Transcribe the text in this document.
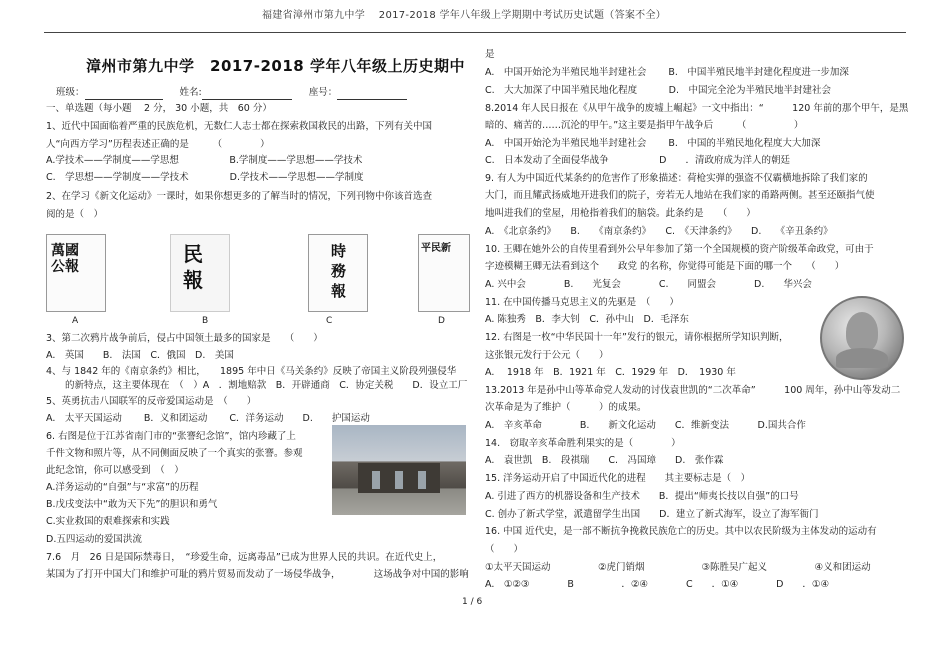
福建省漳州市第九中学　 2017-2018 学年八年级上学期期中考试历史试题（答案不全）
漳州市第九中学　2017-2018 学年八年级上历史期中
班级：	姓名:	座号：
一、单选题（每小题　 2 分， 30 小题，共　60 分）
1、近代中国面临着严重的民族危机，无数仁人志士都在探索救国救民的出路，下列有关中国
人“向西方学习”历程表述正确的是　　　（　　　　）
A.学技术——学制度——学思想　　　　　 B.学制度——学思想——学技术
C.　学思想——学制度——学技术　　　　 D.学技术——学思想——学制度
2、在学习《新文化运动》一课时，如果你想更多的了解当时的情况，下列刊物中你该首选查
阅的是（　）
萬國公報
民報
時務報
平民新
A	B	C	D
3、第二次鸦片战争前后，侵占中国领土最多的国家是　　（　　）
A.　英国　　B.　法国　C．俄国　D.　美国
4、与 1842 年的《南京条约》相比，　　1895 年中日《马关条约》反映了帝国主义阶段列强侵华
　　的新特点，这主要体现在　（　）A　．割地赔款　B．开辟通商　C．协定关税　　D．设立工厂
5、英勇抗击八国联军的反帝爱国运动是　（　　）
A.　太平天国运动　　 B．义和团运动　　 C．洋务运动　　D.　　护国运动
6. 右图是位于江苏省南门市的“张謇纪念馆”，馆内珍藏了上
千件文物和照片等，从不同侧面反映了一个真实的张謇。参观
此纪念馆，你可以感受到　（　）
A.洋务运动的“自强”与“求富”的历程
B.戊戌变法中“敢为天下先”的胆识和勇气
C.实业救国的艰难探索和实践
D.五四运动的爱国洪流
7.6　月　26 日是国际禁毒日，　“珍爱生命，远离毒品”已成为世界人民的共识。在近代史上，
某国为了打开中国大门和维护可耻的鸦片贸易而发动了一场侵华战争，　　　　这场战争对中国的影响
是
A.　中国开始沦为半殖民地半封建社会　　 B.　中国半殖民地半封建化程度进一步加深
C.　大大加深了中国半殖民地化程度　　　 D.　中国完全沦为半殖民地半封建社会
8.2014 年人民日报在《从甲午战争的废墟上崛起》一文中指出：“　　　120 年前的那个甲午，是黑
暗的、痛苦的……沉沦的甲午。”这主要是指甲午战争后　　　（　　　　　）
A.　中国开始沦为半殖民地半封建社会　　 B.　中国的半殖民地化程度大大加深
C.　日本发动了全面侵华战争　　　　　 D　　．清政府成为洋人的朝廷
9. 有人为中国近代某条约的危害作了形象描述：荷枪实弹的强盗不仅霸横地拆除了我们家的
大门，而且耀武扬威地开进我们的院子，旁若无人地站在我们家的甬路两侧。甚至还颐指气使
地叫进我们的堂屋，用枪指着我们的脑袋。此条约是　　（　　）
A.　《北京条约》　　B.　　《南京条约》　　C.　《天津条约》　　D.　　《辛丑条约》
10. 王卿在她外公的自传里看到外公早年参加了第一个全国规模的资产阶级革命政党，可由于
字迹模糊王卿无法看到这个　　政党 的名称，你觉得可能是下面的哪一个　　（　　）
A. 兴中会　　　　B.　　光复会　　　　C.　　同盟会　　　　D.　　华兴会
11. 在中国传播马克思主义的先驱是　（　　）
A. 陈独秀　B．李大钊　C．孙中山　D．毛泽东
12. 右图是一枚“中华民国十一年”发行的银元，请你根据所学知识判断，
这张银元发行于公元（　　）
A.　 1918 年　B．1921 年　C．1929 年　D．　1930 年
13.2013 年是孙中山等革命党人发动的讨伐袁世凯的“二次革命”　　　100 周年，孙中山等发动二
次革命是为了维护（　　　）的成果。
A.　辛亥革命　　　　B.　　新文化运动　　C．维新变法　　　D.国共合作
14.　窃取辛亥革命胜利果实的是（　　　　）
A.　袁世凯　B.　段祺瑞　　C.　冯国璋　　D.　张作霖
15. 洋务运动开启了中国近代化的进程　　其主要标志是（　）
A. 引进了西方的机器设备和生产技术　　B．提出“师夷长技以自强”的口号
C. 创办了新式学堂，派遣留学生出国　　D．建立了新式海军，设立了海军衙门
16. 中国 近代史，是一部不断抗争挽救民族危亡的历史。其中以农民阶级为主体发动的运动有
（　　）
①太平天国运动　　　　　②虎门销烟　　　　　　③陈胜吴广起义　　　　　④义和团运动
A.　①②③　　　　B　　　　　．②④　　　　C　　．①④　　　　D　　．①④
1 / 6
